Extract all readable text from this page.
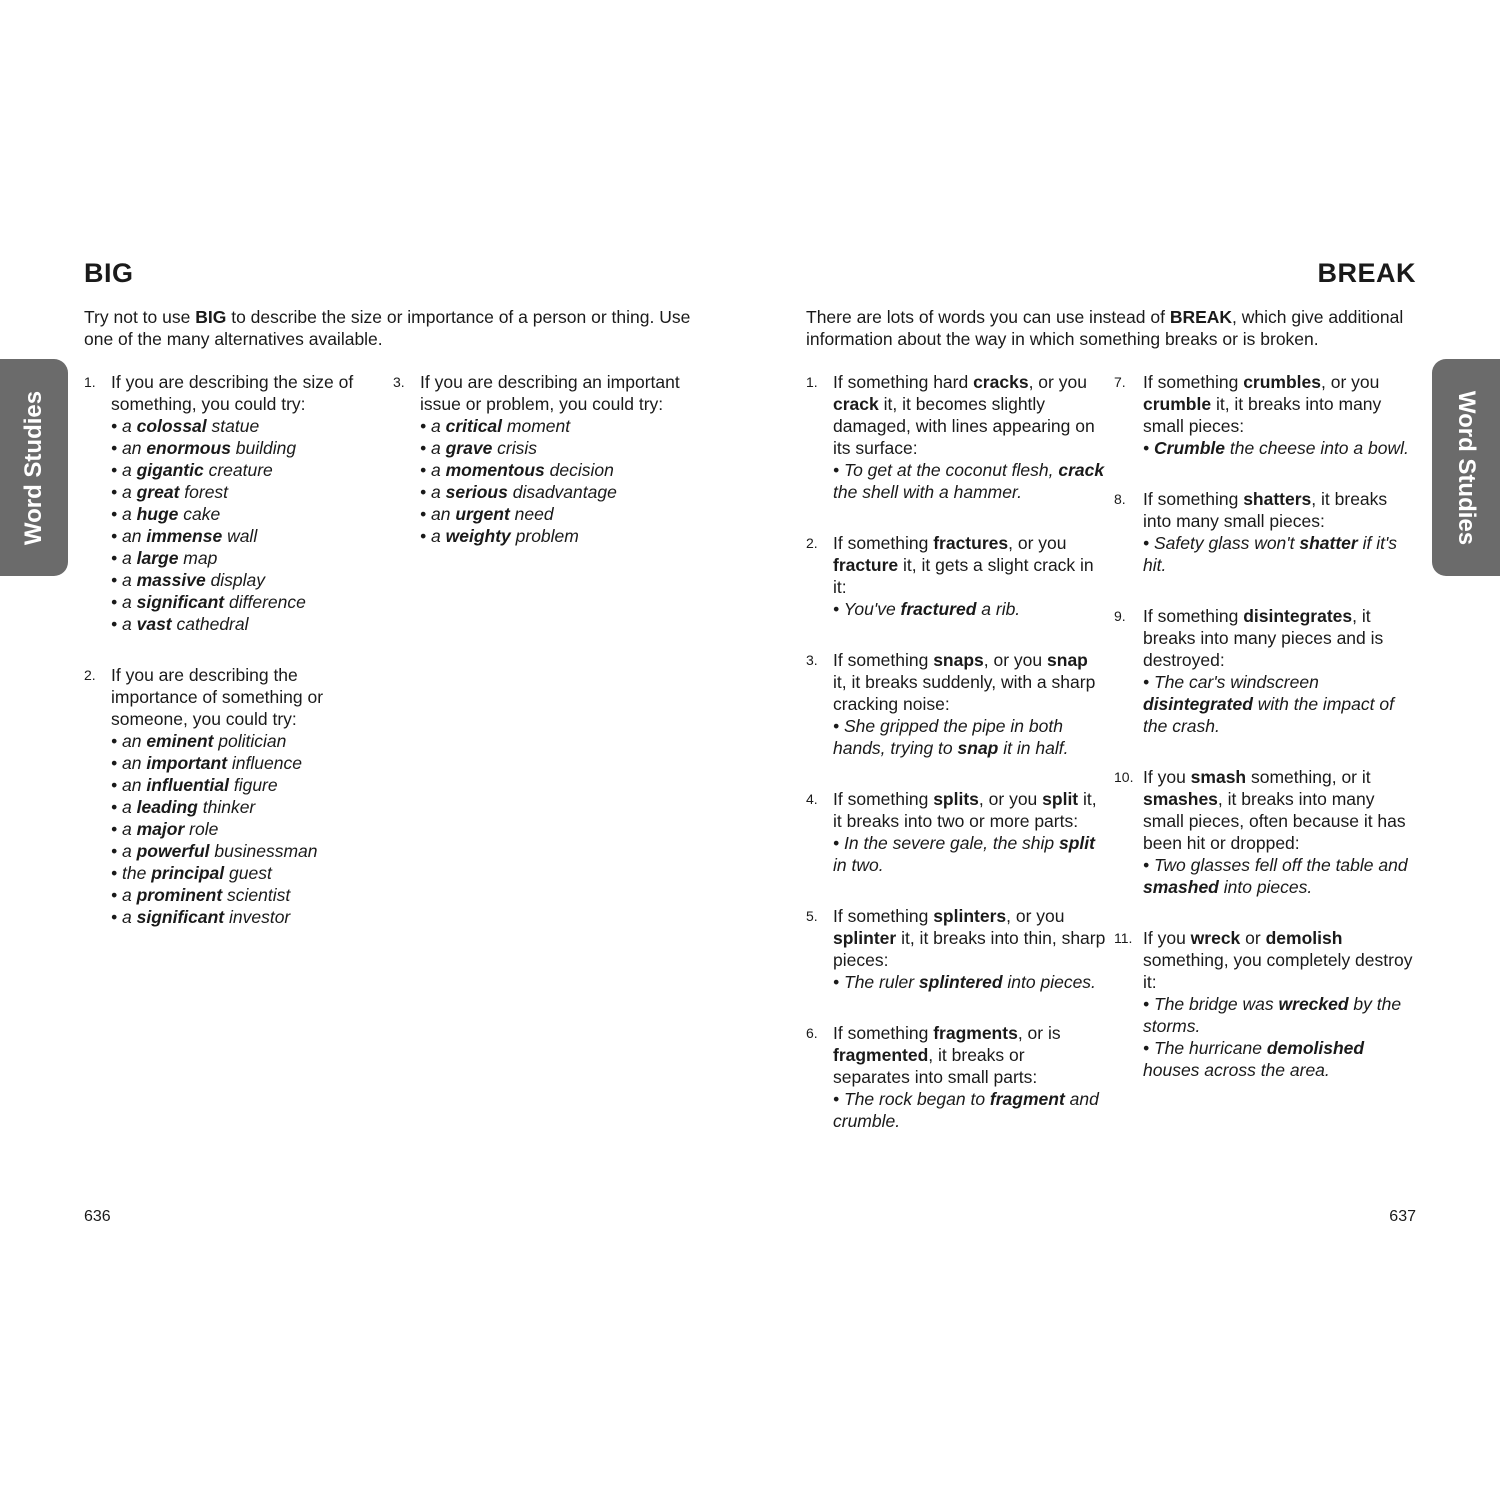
Word Studies
BIG

Try not to use BIG to describe the size or importance of a person or thing. Use one of the many alternatives available.

1. If you are describing the size of something, you could try:

• a colossal statue

• an enormous building

• a gigantic creature

• a great forest

• a huge cake

• an immense wall

• a large map

• a massive display

• a significant difference

• a vast cathedral

2. If you are describing the importance of something or someone, you could try:

• an eminent politician

• an important influence

• an influential figure

• a leading thinker

• a major role

• a powerful businessman

• the principal guest

• a prominent scientist

• a significant investor

3. If you are describing an important issue or problem, you could try:

• a critical moment

• a grave crisis

• a momentous decision

• a serious disadvantage

• an urgent need

• a weighty problem

636
Word Studies
BREAK

There are lots of words you can use instead of BREAK, which give additional information about the way in which something breaks or is broken.

1. If something hard cracks, or you crack it, it becomes slightly damaged, with lines appearing on its surface:

• To get at the coconut flesh, crack the shell with a hammer.

2. If something fractures, or you fracture it, it gets a slight crack in it:

• You've fractured a rib.

3. If something snaps, or you snap it, it breaks suddenly, with a sharp cracking noise:

• She gripped the pipe in both hands, trying to snap it in half.

4. If something splits, or you split it, it breaks into two or more parts:

• In the severe gale, the ship split in two.

5. If something splinters, or you splinter it, it breaks into thin, sharp pieces:

• The ruler splintered into pieces.

6. If something fragments, or is fragmented, it breaks or separates into small parts:

• The rock began to fragment and crumble.

7. If something crumbles, or you crumble it, it breaks into many small pieces:

• Crumble the cheese into a bowl.

8. If something shatters, it breaks into many small pieces:

• Safety glass won't shatter if it's hit.

9. If something disintegrates, it breaks into many pieces and is destroyed:

• The car's windscreen disintegrated with the impact of the crash.

10. If you smash something, or it smashes, it breaks into many small pieces, often because it has been hit or dropped:

• Two glasses fell off the table and smashed into pieces.

11. If you wreck or demolish something, you completely destroy it:

• The bridge was wrecked by the storms.

• The hurricane demolished houses across the area.

637
